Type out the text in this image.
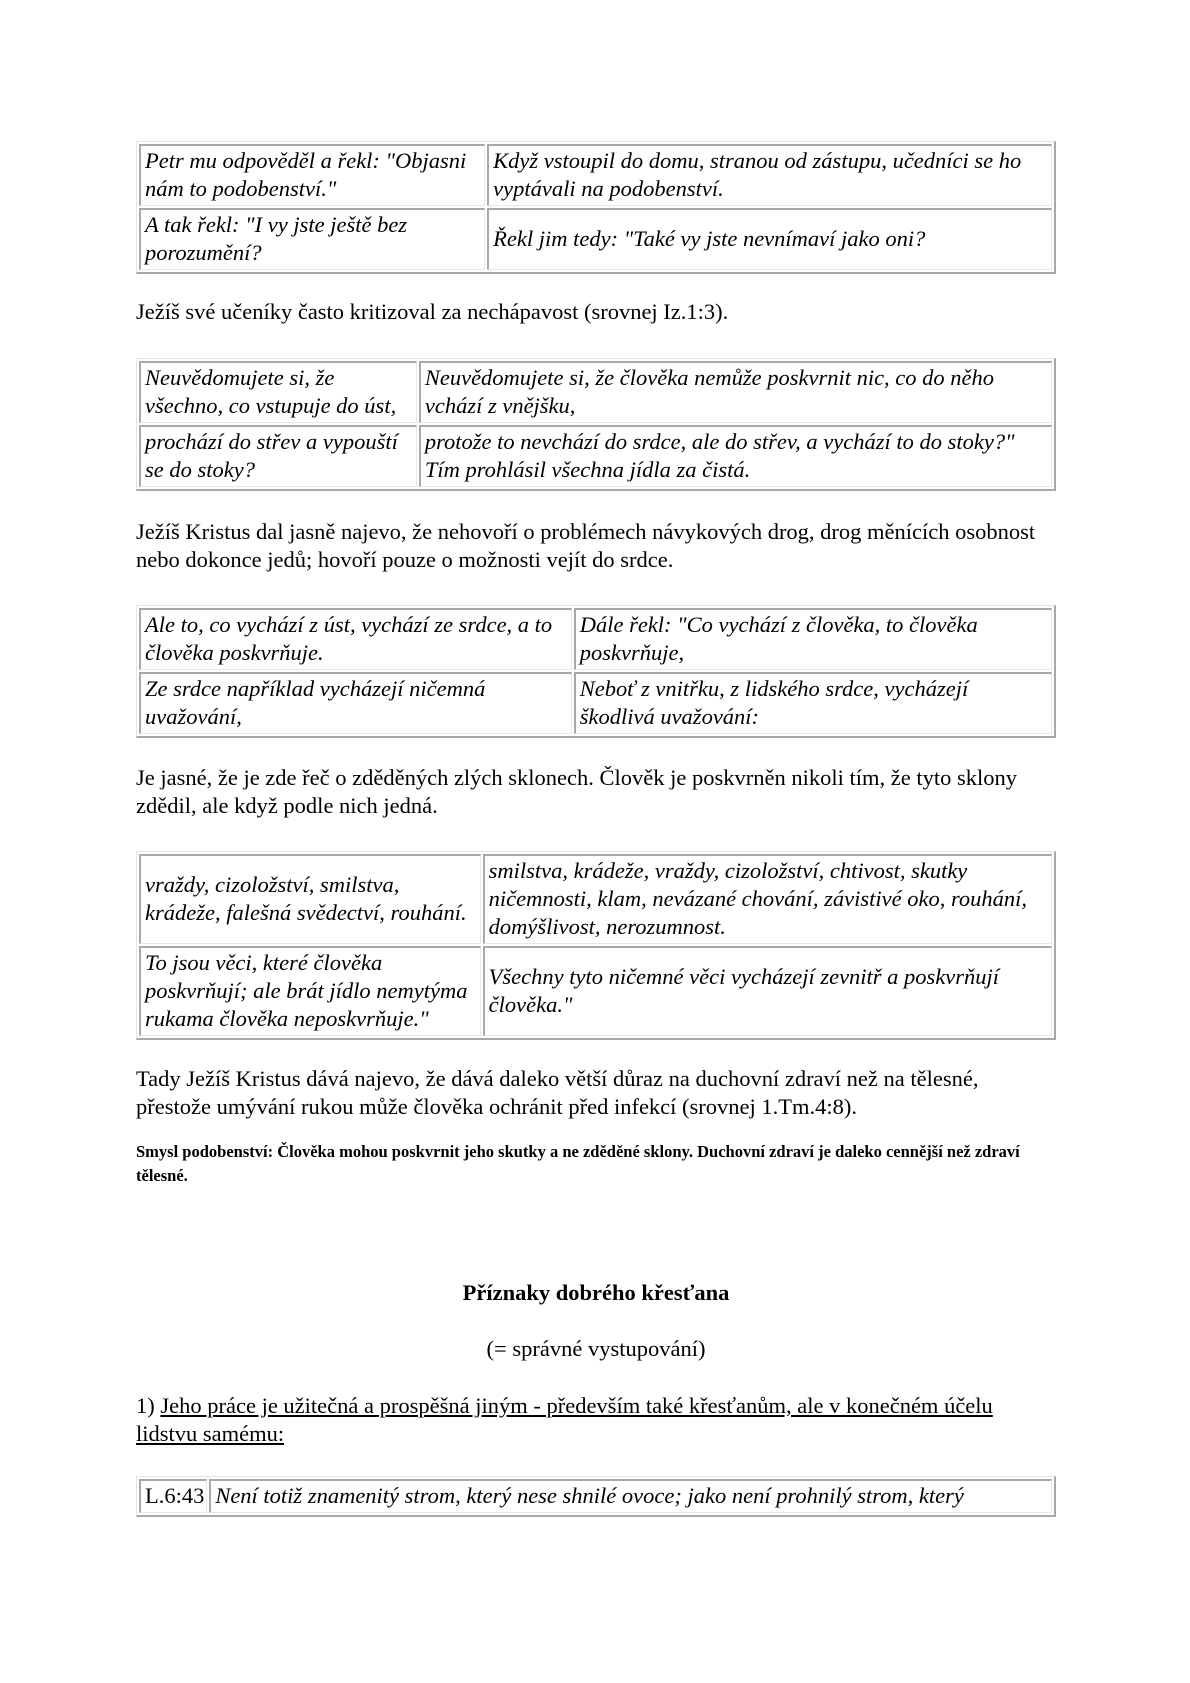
Petr mu odpověděl a řekl: "Objasni nám to podobenství."	Když vstoupil do domu, stranou od zástupu, učedníci se ho vyptávali na podobenství.
A tak řekl: "I vy jste ještě bez porozumění?	Řekl jim tedy: "Také vy jste nevnímaví jako oni?

Ježíš své učeníky často kritizoval za nechápavost (srovnej Iz.1:3).

Neuvědomujete si, že všechno, co vstupuje do úst,	Neuvědomujete si, že člověka nemůže poskvrnit nic, co do něho vchází z vnějšku,
prochází do střev a vypouští se do stoky?	protože to nevchází do srdce, ale do střev, a vychází to do stoky?" Tím prohlásil všechna jídla za čistá.

Ježíš Kristus dal jasně najevo, že nehovoří o problémech návykových drog, drog měnících osobnost nebo dokonce jedů; hovoří pouze o možnosti vejít do srdce.

Ale to, co vychází z úst, vychází ze srdce, a to člověka poskvrňuje.	Dále řekl: "Co vychází z člověka, to člověka poskvrňuje,
Ze srdce například vycházejí ničemná uvažování,	Neboť z vnitřku, z lidského srdce, vycházejí škodlivá uvažování:

Je jasné, že je zde řeč o zděděných zlých sklonech. Člověk je poskvrněn nikoli tím, že tyto sklony zdědil, ale když podle nich jedná.

vraždy, cizoložství, smilstva, krádeže, falešná svědectví, rouhání.	smilstva, krádeže, vraždy, cizoložství, chtivost, skutky ničemnosti, klam, nevázané chování, závistivé oko, rouhání, domýšlivost, nerozumnost.
To jsou věci, které člověka poskvrňují; ale brát jídlo nemytýma rukama člověka neposkvrňuje."	Všechny tyto ničemné věci vycházejí zevnitř a poskvrňují člověka."

Tady Ježíš Kristus dává najevo, že dává daleko větší důraz na duchovní zdraví než na tělesné, přestože umývání rukou může člověka ochránit před infekcí (srovnej 1.Tm.4:8).

Smysl podobenství: Člověka mohou poskvrnit jeho skutky a ne zděděné sklony. Duchovní zdraví je daleko cennější než zdraví tělesné.

Příznaky dobrého křesťana
(= správné vystupování)

1) Jeho práce je užitečná a prospěšná jiným - především také křesťanům, ale v konečném účelu lidstvu samému:

L.6:43	Není totiž znamenitý strom, který nese shnilé ovoce; jako není prohnilý strom, který
